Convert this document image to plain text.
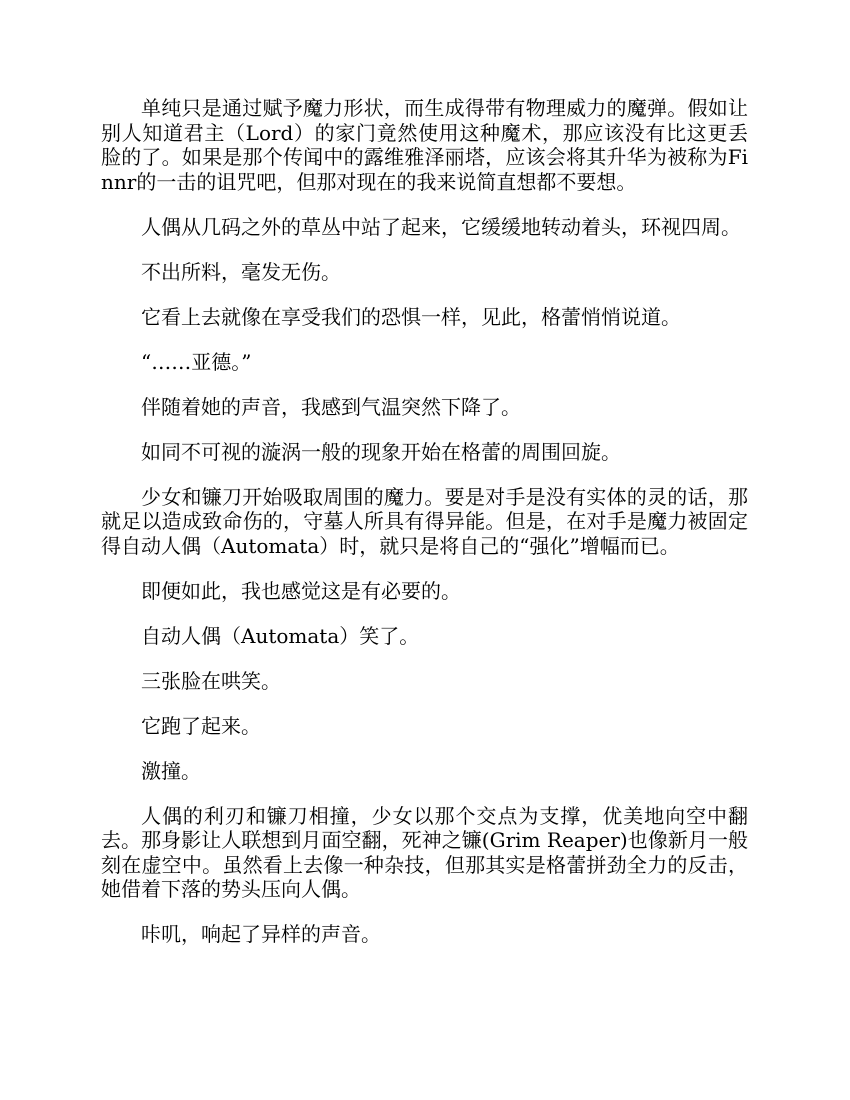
单纯只是通过赋予魔力形状，而生成得带有物理威力的魔弹。假如让别人知道君主（Lord）的家门竟然使用这种魔术，那应该没有比这更丢脸的了。如果是那个传闻中的露维雅泽丽塔，应该会将其升华为被称为Finnr的一击的诅咒吧，但那对现在的我来说简直想都不要想。

人偶从几码之外的草丛中站了起来，它缓缓地转动着头，环视四周。

不出所料，毫发无伤。

它看上去就像在享受我们的恐惧一样，见此，格蕾悄悄说道。

“……亚德。”

伴随着她的声音，我感到气温突然下降了。

如同不可视的漩涡一般的现象开始在格蕾的周围回旋。

少女和镰刀开始吸取周围的魔力。要是对手是没有实体的灵的话，那就足以造成致命伤的，守墓人所具有得异能。但是，在对手是魔力被固定得自动人偶（Automata）时，就只是将自己的“强化”增幅而已。

即便如此，我也感觉这是有必要的。

自动人偶（Automata）笑了。

三张脸在哄笑。

它跑了起来。

激撞。

人偶的利刃和镰刀相撞，少女以那个交点为支撑，优美地向空中翻去。那身影让人联想到月面空翻，死神之镰(Grim Reaper)也像新月一般刻在虚空中。虽然看上去像一种杂技，但那其实是格蕾拼劲全力的反击，她借着下落的势头压向人偶。

咔叽，响起了异样的声音。
